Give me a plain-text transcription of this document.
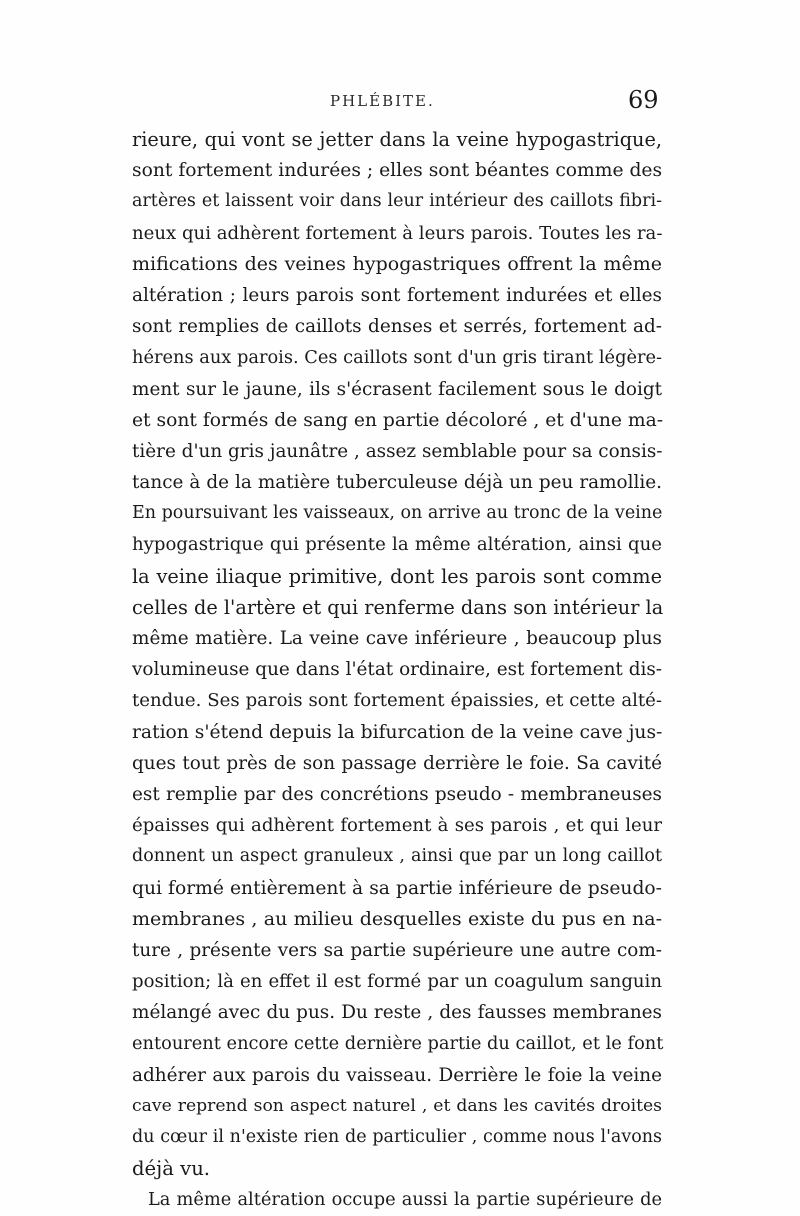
PHLÉBITE.	69
rieure, qui vont se jetter dans la veine hypogastrique,
sont fortement indurées ; elles sont béantes comme des
artères et laissent voir dans leur intérieur des caillots fibri-
neux qui adhèrent fortement à leurs parois. Toutes les ra-
mifications des veines hypogastriques offrent la même
altération ; leurs parois sont fortement indurées et elles
sont remplies de caillots denses et serrés, fortement ad-
hérens aux parois. Ces caillots sont d'un gris tirant légère-
ment sur le jaune, ils s'écrasent facilement sous le doigt
et sont formés de sang en partie décoloré , et d'une ma-
tière d'un gris jaunâtre , assez semblable pour sa consis-
tance à de la matière tuberculeuse déjà un peu ramollie.
En poursuivant les vaisseaux, on arrive au tronc de la veine
hypogastrique qui présente la même altération, ainsi que
la veine iliaque primitive, dont les parois sont comme
celles de l'artère et qui renferme dans son intérieur la
même matière. La veine cave inférieure , beaucoup plus
volumineuse que dans l'état ordinaire, est fortement dis-
tendue. Ses parois sont fortement épaissies, et cette alté-
ration s'étend depuis la bifurcation de la veine cave jus-
ques tout près de son passage derrière le foie. Sa cavité
est remplie par des concrétions pseudo - membraneuses
épaisses qui adhèrent fortement à ses parois , et qui leur
donnent un aspect granuleux , ainsi que par un long caillot
qui formé entièrement à sa partie inférieure de pseudo-
membranes , au milieu desquelles existe du pus en na-
ture , présente vers sa partie supérieure une autre com-
position; là en effet il est formé par un coagulum sanguin
mélangé avec du pus. Du reste , des fausses membranes
entourent encore cette dernière partie du caillot, et le font
adhérer aux parois du vaisseau. Derrière le foie la veine
cave reprend son aspect naturel , et dans les cavités droites
du cœur il n'existe rien de particulier , comme nous l'avons
déjà vu.
La même altération occupe aussi la partie supérieure de
